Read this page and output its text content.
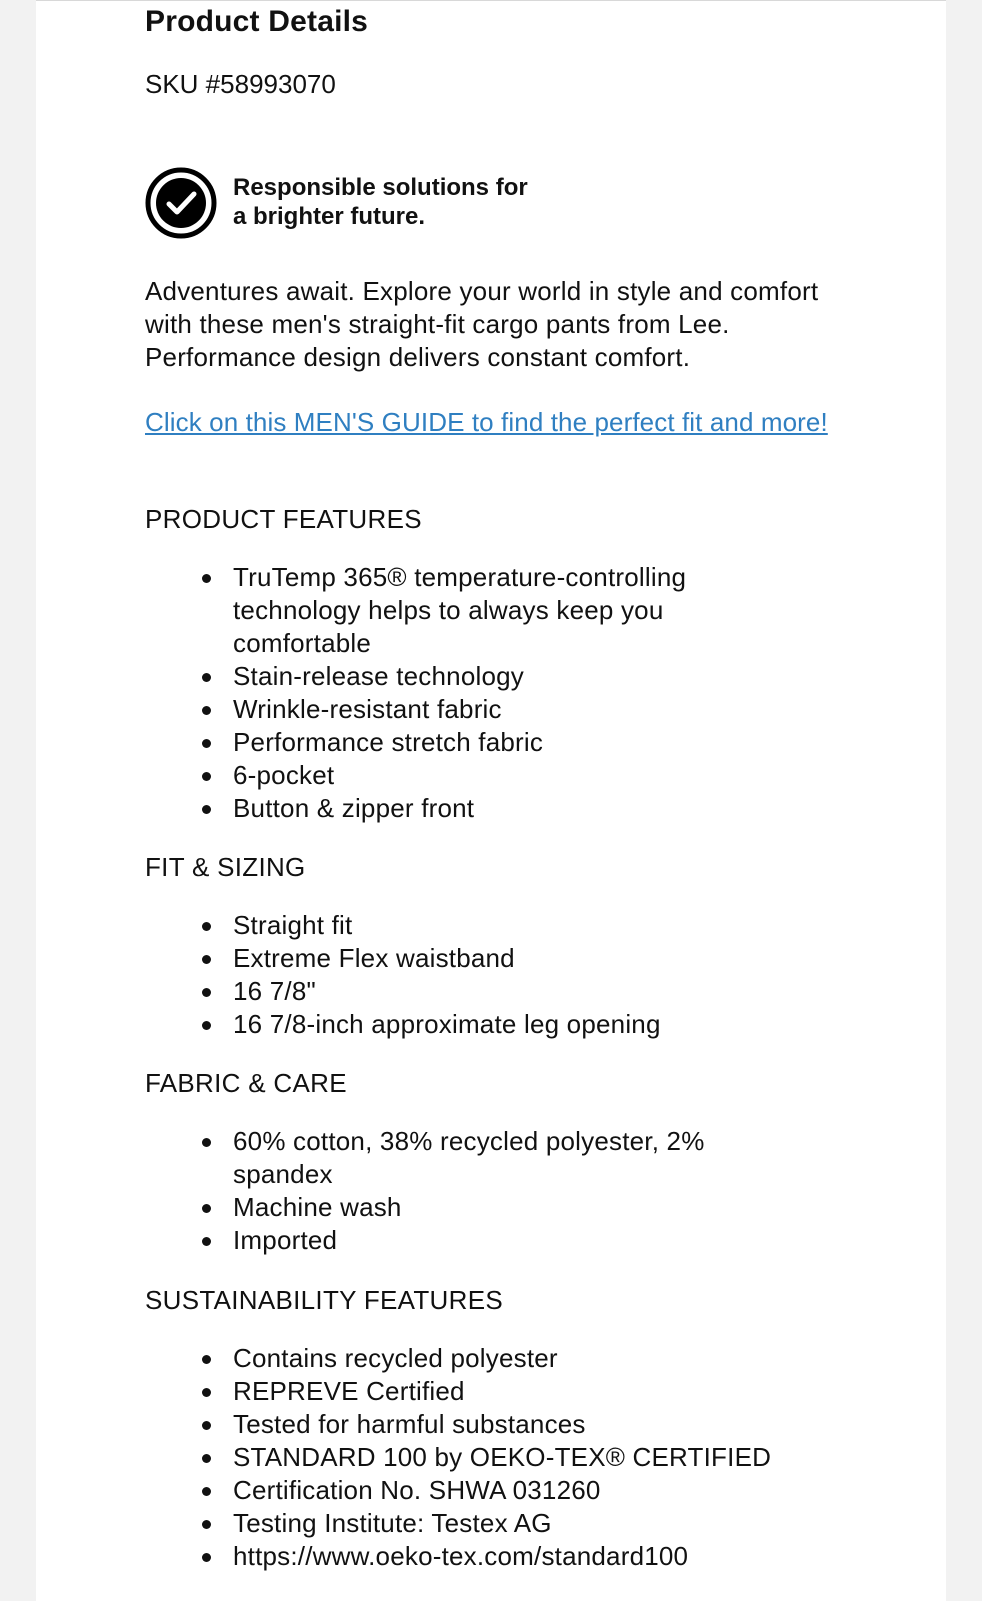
Product Details
SKU #58993070
Responsible solutions for
a brighter future.
Adventures await. Explore your world in style and comfort with these men's straight-fit cargo pants from Lee. Performance design delivers constant comfort.
Click on this MEN'S GUIDE to find the perfect fit and more!
PRODUCT FEATURES
TruTemp 365® temperature-controlling technology helps to always keep you comfortable
Stain-release technology
Wrinkle-resistant fabric
Performance stretch fabric
6-pocket
Button & zipper front
FIT & SIZING
Straight fit
Extreme Flex waistband
16 7/8"
16 7/8-inch approximate leg opening
FABRIC & CARE
60% cotton, 38% recycled polyester, 2% spandex
Machine wash
Imported
SUSTAINABILITY FEATURES
Contains recycled polyester
REPREVE Certified
Tested for harmful substances
STANDARD 100 by OEKO-TEX® CERTIFIED
Certification No. SHWA 031260
Testing Institute: Testex AG
https://www.oeko-tex.com/standard100
